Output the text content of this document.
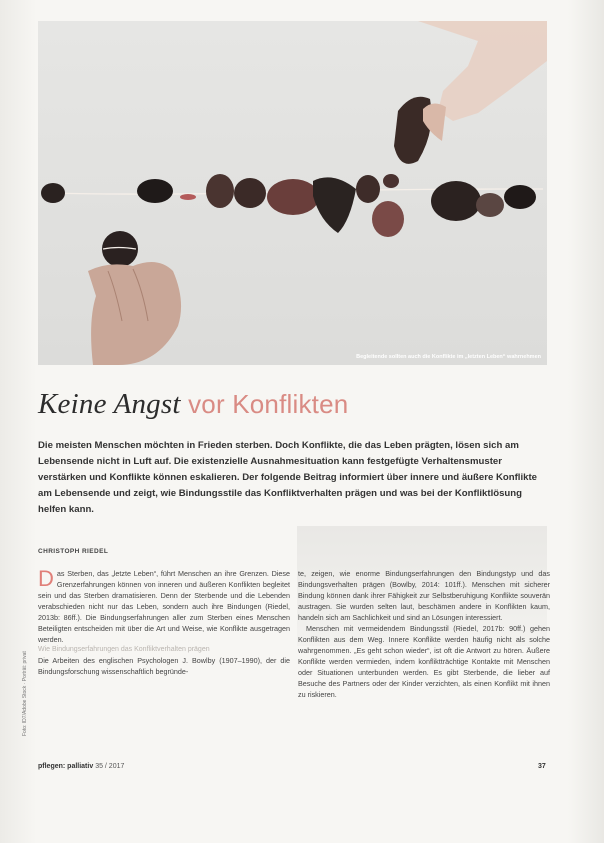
Begleitende sollten auch die Konflikte im „letzten Leben“ wahrnehmen
Keine Angst vor Konflikten
Die meisten Menschen möchten in Frieden sterben. Doch Konflikte, die das Leben prägten, lösen sich am Lebensende nicht in Luft auf. Die existenzielle Ausnahmesituation kann festgefügte Verhaltensmuster verstärken und Konflikte können eskalieren. Der folgende Beitrag informiert über innere und äußere Konflikte am Lebensende und zeigt, wie Bindungsstile das Konfliktverhalten prägen und was bei der Konfliktlösung helfen kann.
CHRISTOPH RIEDEL

Das Sterben, das „letzte Leben“, führt Menschen an ihre Grenzen. Diese Grenzerfahrungen können von inneren und äußeren Konflikten begleitet sein und das Sterben dramatisieren. Denn der Sterbende und die Lebenden verabschieden nicht nur das Leben, sondern auch ihre Bindungen (Riedel, 2013b: 86ff.). Die Bindungserfahrungen aller zum Sterben eines Menschen Beteiligten entscheiden mit über die Art und Weise, wie Konflikte ausgetragen werden.

Wie Bindungserfahrungen das Konfliktverhalten prägen

Die Arbeiten des englischen Psychologen J. Bowlby (1907–1990), der die Bindungsforschung wissenschaftlich begründe-

te, zeigen, wie enorme Bindungserfahrungen den Bindungstyp und das Bindungsverhalten prägen (Bowlby, 2014: 101ff.). Menschen mit sicherer Bindung können dank ihrer Fähigkeit zur Selbstberuhigung Konflikte souverän austragen. Sie wurden selten laut, beschämen andere in Konflikten kaum, handeln sich am Sachlichkeit und sind an Lösungen interessiert.

Menschen mit vermeidendem Bindungsstil (Riedel, 2017b: 90ff.) gehen Konflikten aus dem Weg. Innere Konflikte werden häufig nicht als solche wahrgenommen. „Es geht schon wieder“, ist oft die Antwort zu hören. Äußere Konflikte werden vermieden, indem konfliktträchtige Kontakte mit Menschen oder Situationen unterbunden werden. Es gibt Sterbende, die lieber auf Besuche des Partners oder der Kinder verzichten, als einen Konflikt mit ihnen zu riskieren.

Foto: ID7/Adobe Stock · Porträt: privat
pflegen: palliativ 35 / 2017	37
